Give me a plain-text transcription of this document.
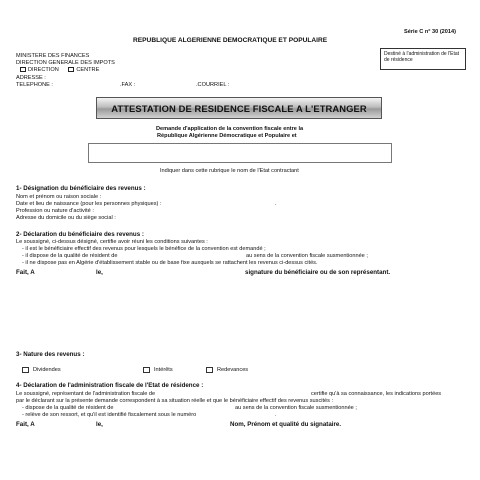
Série C n° 30 (2014)
REPUBLIQUE ALGERIENNE DEMOCRATIQUE ET POPULAIRE
MINISTERE DES FINANCES
DIRECTION GENERALE DES IMPOTS
DIRECTION	CENTRE
ADRESSE :
TELEPHONE :	.FAX :	.COURRIEL :
Destiné à l'administration de l'Etat de résidence
ATTESTATION DE RESIDENCE FISCALE A L'ETRANGER
Demande d'application de la convention fiscale entre la
République Algérienne Démocratique et Populaire et
Indiquer dans cette rubrique le nom de l'Etat contractant
1- Désignation du bénéficiaire des revenus :
Nom et prénom ou raison sociale :
Date et lieu de naissance (pour les personnes physiques) :	.
Profession ou nature d'activité :
Adresse du domicile ou du siège social :
2- Déclaration du bénéficiaire des revenus :
Le soussigné, ci-dessus désigné, certifie avoir réuni les conditions suivantes :
- il est le bénéficiaire effectif des revenus pour lesquels le bénéfice de la convention est demandé ;
- il dispose de la qualité de résident de	au sens de la convention fiscale susmentionnée ;
- il ne dispose pas en Algérie d'établissement stable ou de base fixe auxquels se rattachent les revenus ci-dessus cités.
Fait, A	le,	signature du bénéficiaire ou de son représentant.
3- Nature des revenus :
Dividendes	Intérêts	Redevances
4- Déclaration de l'administration fiscale de l'Etat de résidence :
Le soussigné, représentant de l'administration fiscale de	certifie qu'à sa connaissance, les indications portées
par le déclarant sur la présente demande correspondent à sa situation réelle et que le bénéficiaire effectif des revenus suscités :
- dispose de la qualité de résident de	au sens de la convention fiscale susmentionnée ;
- relève de son ressort, et qu'il est identifié fiscalement sous le numéro	.
Fait, A	le,	Nom, Prénom et qualité du signataire.
